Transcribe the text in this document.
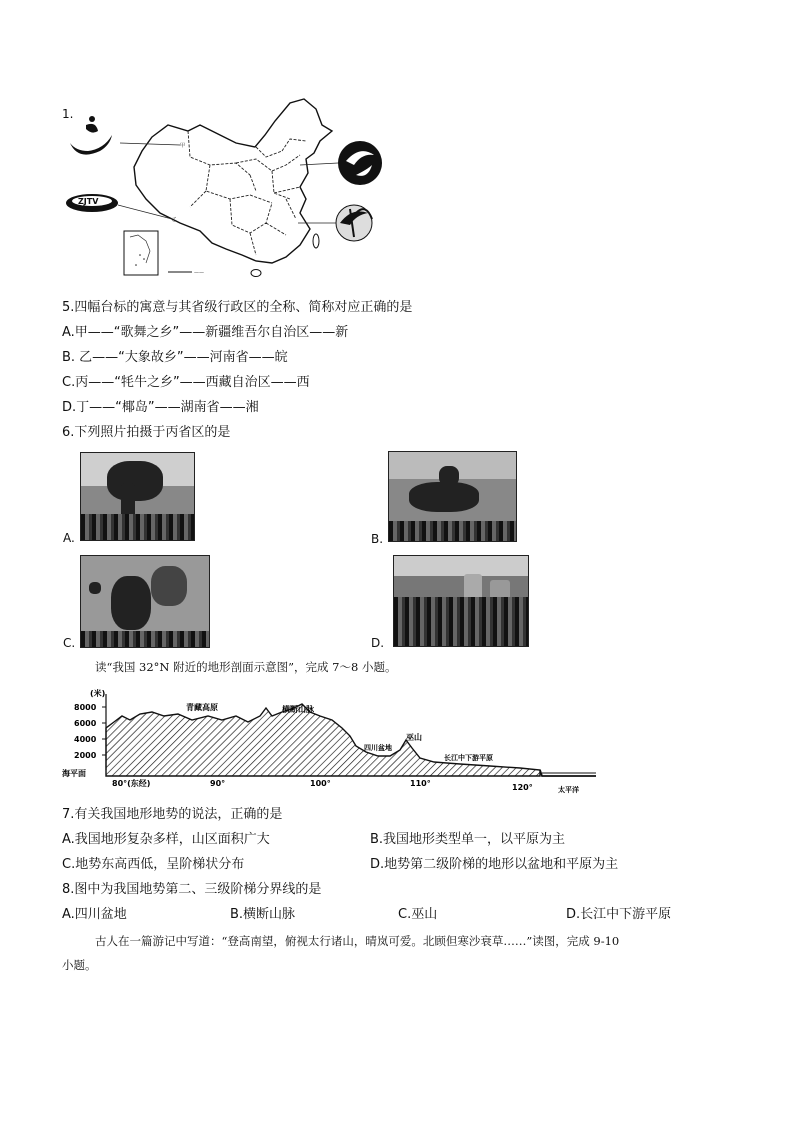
1.
——
甲
ZJTV
乙
5.四幅台标的寓意与其省级行政区的全称、简称对应正确的是
A.甲——“歌舞之乡”——新疆维吾尔自治区——新
B. 乙——“大象故乡”——河南省——皖
C.丙——“牦牛之乡”——西藏自治区——西
D.丁——“椰岛”——湖南省——湘
6.下列照片拍摄于丙省区的是
A.	B.
C.	D.
读“我国 32°N 附近的地形剖面示意图”，完成 7～8 小题。
(米)
8000
6000
4000
2000
海平面
80°(东经)	90°	100°	110°	120°
青藏高原	横断山脉
四川盆地
巫山
长江中下游平原
太平洋
7.有关我国地形地势的说法，正确的是
A.我国地形复杂多样，山区面积广大	B.我国地形类型单一，以平原为主
C.地势东高西低，呈阶梯状分布	D.地势第二级阶梯的地形以盆地和平原为主
8.图中为我国地势第二、三级阶梯分界线的是
A.四川盆地	B.横断山脉	C.巫山	D.长江中下游平原
古人在一篇游记中写道：“登高南望，俯视太行诸山，晴岚可爱。北顾但寒沙衰草……”读图，完成 9-10
小题。
